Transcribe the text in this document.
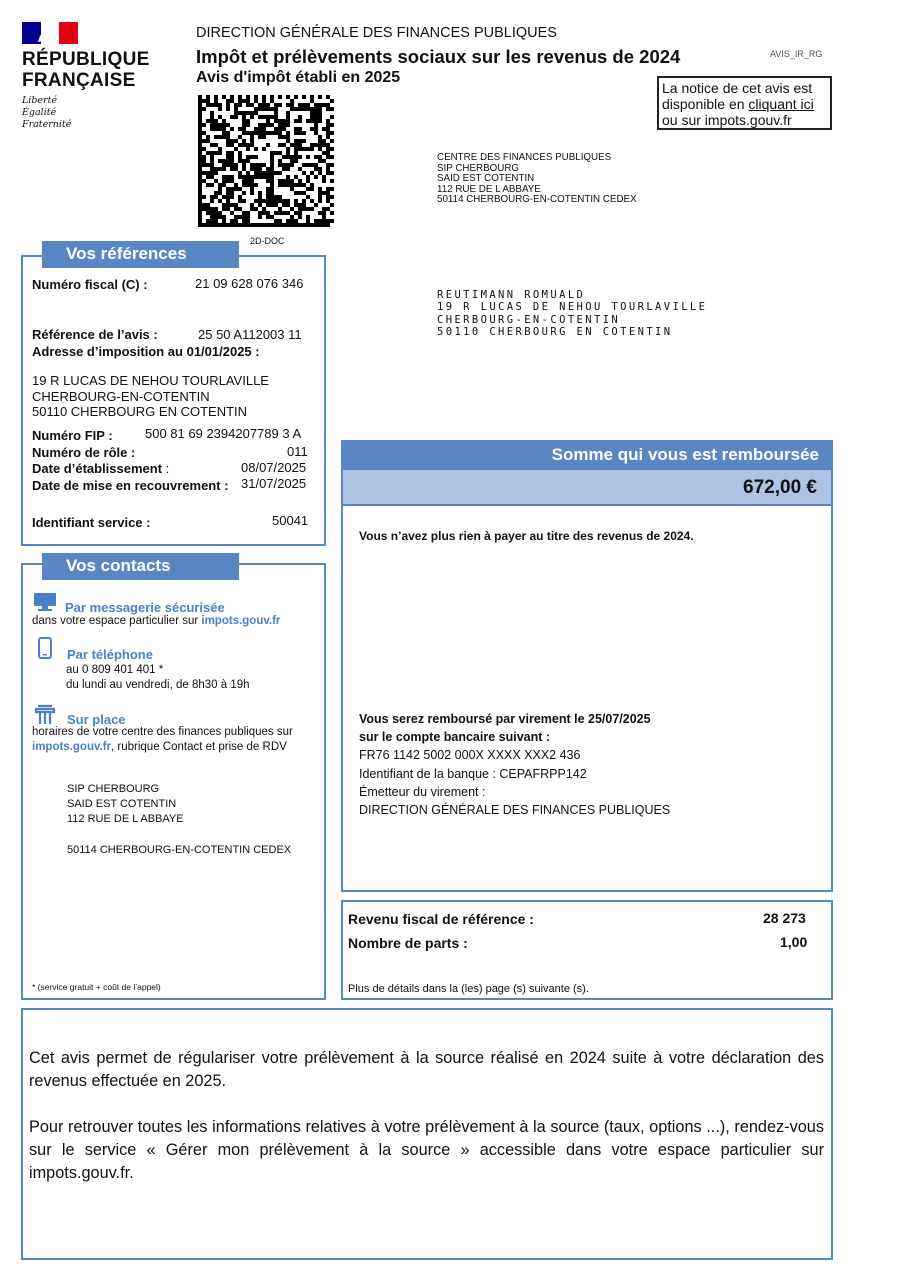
RÉPUBLIQUE
FRANÇAISE
Liberté
Égalité
Fraternité
DIRECTION GÉNÉRALE DES FINANCES PUBLIQUES
Impôt et prélèvements sociaux sur les revenus de 2024
Avis d'impôt établi en 2025
AVIS_IR_RG
La notice de cet avis est
disponible en cliquant ici
ou sur impots.gouv.fr
2D-DOC
CENTRE DES FINANCES PUBLIQUES
SIP CHERBOURG
SAID EST COTENTIN
112 RUE DE L ABBAYE
50114 CHERBOURG-EN-COTENTIN CEDEX
REUTIMANN ROMUALD
19 R LUCAS DE NEHOU TOURLAVILLE
CHERBOURG-EN-COTENTIN
50110 CHERBOURG EN COTENTIN
Vos références
Numéro fiscal (C) :	21 09 628 076 346
Référence de l’avis :	25 50 A112003 11
Adresse d’imposition au 01/01/2025 :
19 R LUCAS DE NEHOU TOURLAVILLE
CHERBOURG-EN-COTENTIN
50110 CHERBOURG EN COTENTIN
Numéro FIP : 500 81 69 2394207789 3 A
Numéro de rôle :	011
Date d’établissement :	08/07/2025
Date de mise en recouvrement : 31/07/2025
Identifiant service :	50041
Vos contacts
Par messagerie sécurisée
dans votre espace particulier sur impots.gouv.fr
Par téléphone
au 0 809 401 401 *
du lundi au vendredi, de 8h30 à 19h
Sur place
horaires de votre centre des finances publiques sur
impots.gouv.fr, rubrique Contact et prise de RDV
SIP CHERBOURG
SAID EST COTENTIN
112 RUE DE L ABBAYE
50114 CHERBOURG-EN-COTENTIN CEDEX
* (service gratuit + coût de l’appel)
Somme qui vous est remboursée
672,00 €
Vous n’avez plus rien à payer au titre des revenus de 2024.
Vous serez remboursé par virement le 25/07/2025
sur le compte bancaire suivant :
FR76 1142 5002 000X XXXX XXX2 436
Identifiant de la banque : CEPAFRPP142
Émetteur du virement :
DIRECTION GÉNÉRALE DES FINANCES PUBLIQUES
Revenu fiscal de référence :	28 273
Nombre de parts :	1,00
Plus de détails dans la (les) page (s) suivante (s).
Cet avis permet de régulariser votre prélèvement à la source réalisé en 2024 suite à votre déclaration des revenus effectuée en 2025.
Pour retrouver toutes les informations relatives à votre prélèvement à la source (taux, options ...), rendez-vous sur le service « Gérer mon prélèvement à la source » accessible dans votre espace particulier sur impots.gouv.fr.
